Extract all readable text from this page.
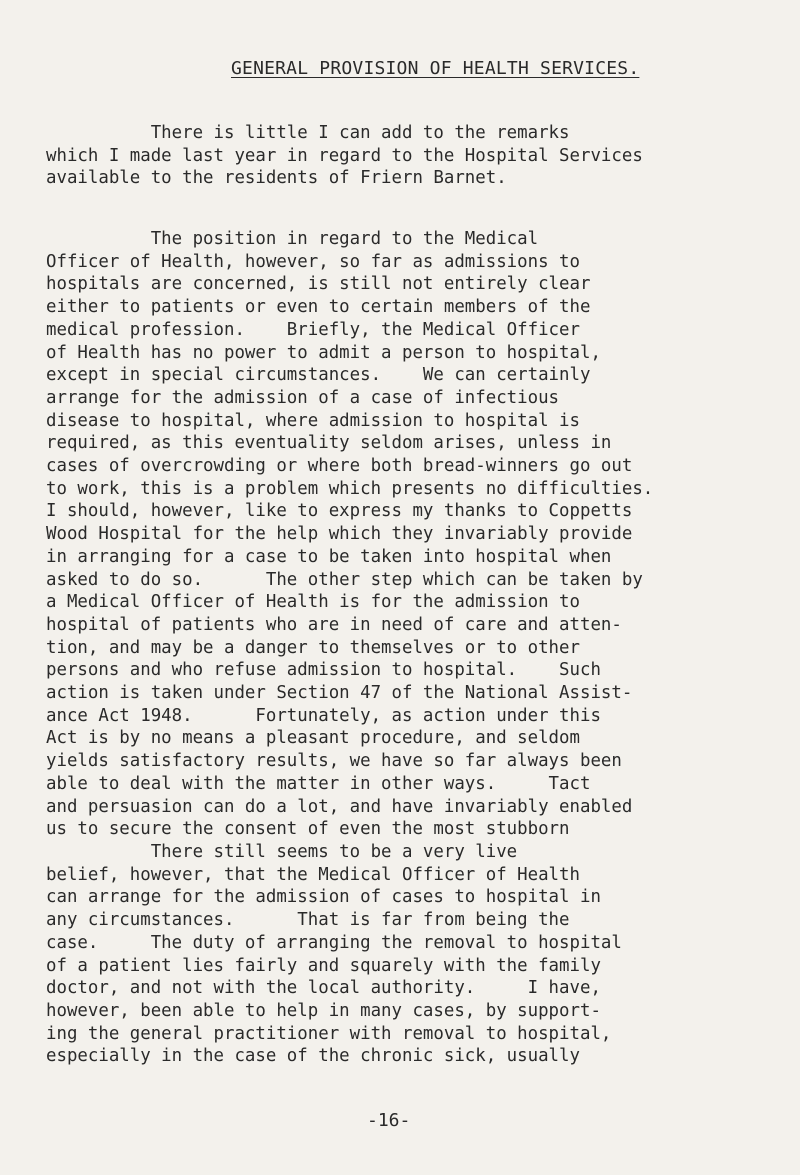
GENERAL PROVISION OF HEALTH SERVICES.

There is little I can add to the remarks
which I made last year in regard to the Hospital Services
available to the residents of Friern Barnet.

The position in regard to the Medical
Officer of Health, however, so far as admissions to
hospitals are concerned, is still not entirely clear
either to patients or even to certain members of the
medical profession.    Briefly, the Medical Officer
of Health has no power to admit a person to hospital,
except in special circumstances.    We can certainly
arrange for the admission of a case of infectious
disease to hospital, where admission to hospital is
required, as this eventuality seldom arises, unless in
cases of overcrowding or where both bread-winners go out
to work, this is a problem which presents no difficulties.
I should, however, like to express my thanks to Coppetts
Wood Hospital for the help which they invariably provide
in arranging for a case to be taken into hospital when
asked to do so.      The other step which can be taken by
a Medical Officer of Health is for the admission to
hospital of patients who are in need of care and atten-
tion, and may be a danger to themselves or to other
persons and who refuse admission to hospital.    Such
action is taken under Section 47 of the National Assist-
ance Act 1948.      Fortunately, as action under this
Act is by no means a pleasant procedure, and seldom
yields satisfactory results, we have so far always been
able to deal with the matter in other ways.     Tact
and persuasion can do a lot, and have invariably enabled
us to secure the consent of even the most stubborn

There still seems to be a very live
belief, however, that the Medical Officer of Health
can arrange for the admission of cases to hospital in
any circumstances.      That is far from being the
case.     The duty of arranging the removal to hospital
of a patient lies fairly and squarely with the family
doctor, and not with the local authority.     I have,
however, been able to help in many cases, by support-
ing the general practitioner with removal to hospital,
especially in the case of the chronic sick, usually

-16-
